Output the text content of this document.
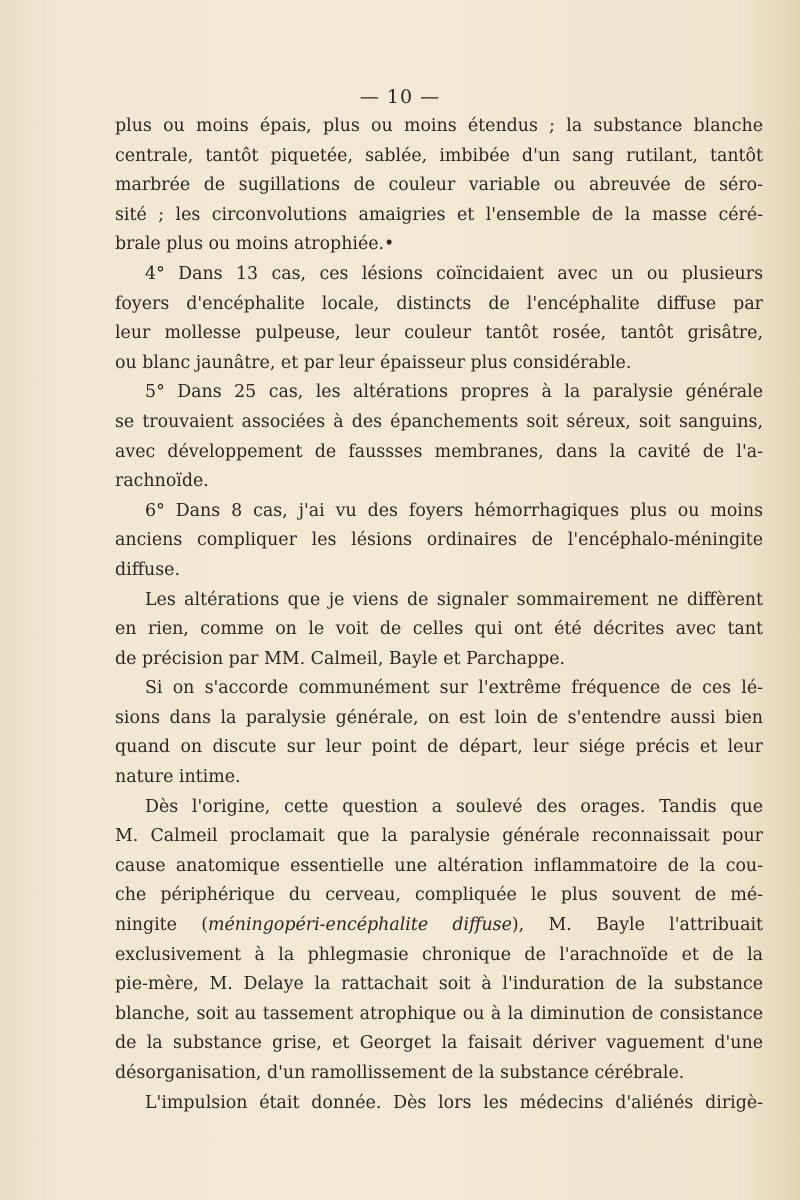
— 10 —
plus ou moins épais, plus ou moins étendus ; la substance blanche
centrale, tantôt piquetée, sablée, imbibée d'un sang rutilant, tantôt
marbrée de sugillations de couleur variable ou abreuvée de séro-
sité ; les circonvolutions amaigries et l'ensemble de la masse céré-
brale plus ou moins atrophiée.•
4° Dans 13 cas, ces lésions coïncidaient avec un ou plusieurs
foyers d'encéphalite locale, distincts de l'encéphalite diffuse par
leur mollesse pulpeuse, leur couleur tantôt rosée, tantôt grisâtre,
ou blanc jaunâtre, et par leur épaisseur plus considérable.
5° Dans 25 cas, les altérations propres à la paralysie générale
se trouvaient associées à des épanchements soit séreux, soit sanguins,
avec développement de faussses membranes, dans la cavité de l'a-
rachnoïde.
6° Dans 8 cas, j'ai vu des foyers hémorrhagiques plus ou moins
anciens compliquer les lésions ordinaires de l'encéphalo-méningite
diffuse.
Les altérations que je viens de signaler sommairement ne diffèrent
en rien, comme on le voit de celles qui ont été décrites avec tant
de précision par MM. Calmeil, Bayle et Parchappe.
Si on s'accorde communément sur l'extrême fréquence de ces lé-
sions dans la paralysie générale, on est loin de s'entendre aussi bien
quand on discute sur leur point de départ, leur siége précis et leur
nature intime.
Dès l'origine, cette question a soulevé des orages. Tandis que
M. Calmeil proclamait que la paralysie générale reconnaissait pour
cause anatomique essentielle une altération inflammatoire de la cou-
che périphérique du cerveau, compliquée le plus souvent de mé-
ningite (méningopéri-encéphalite diffuse), M. Bayle l'attribuait
exclusivement à la phlegmasie chronique de l'arachnoïde et de la
pie-mère, M. Delaye la rattachait soit à l'induration de la substance
blanche, soit au tassement atrophique ou à la diminution de consistance
de la substance grise, et Georget la faisait dériver vaguement d'une
désorganisation, d'un ramollissement de la substance cérébrale.
L'impulsion était donnée. Dès lors les médecins d'aliénés dirigè-
